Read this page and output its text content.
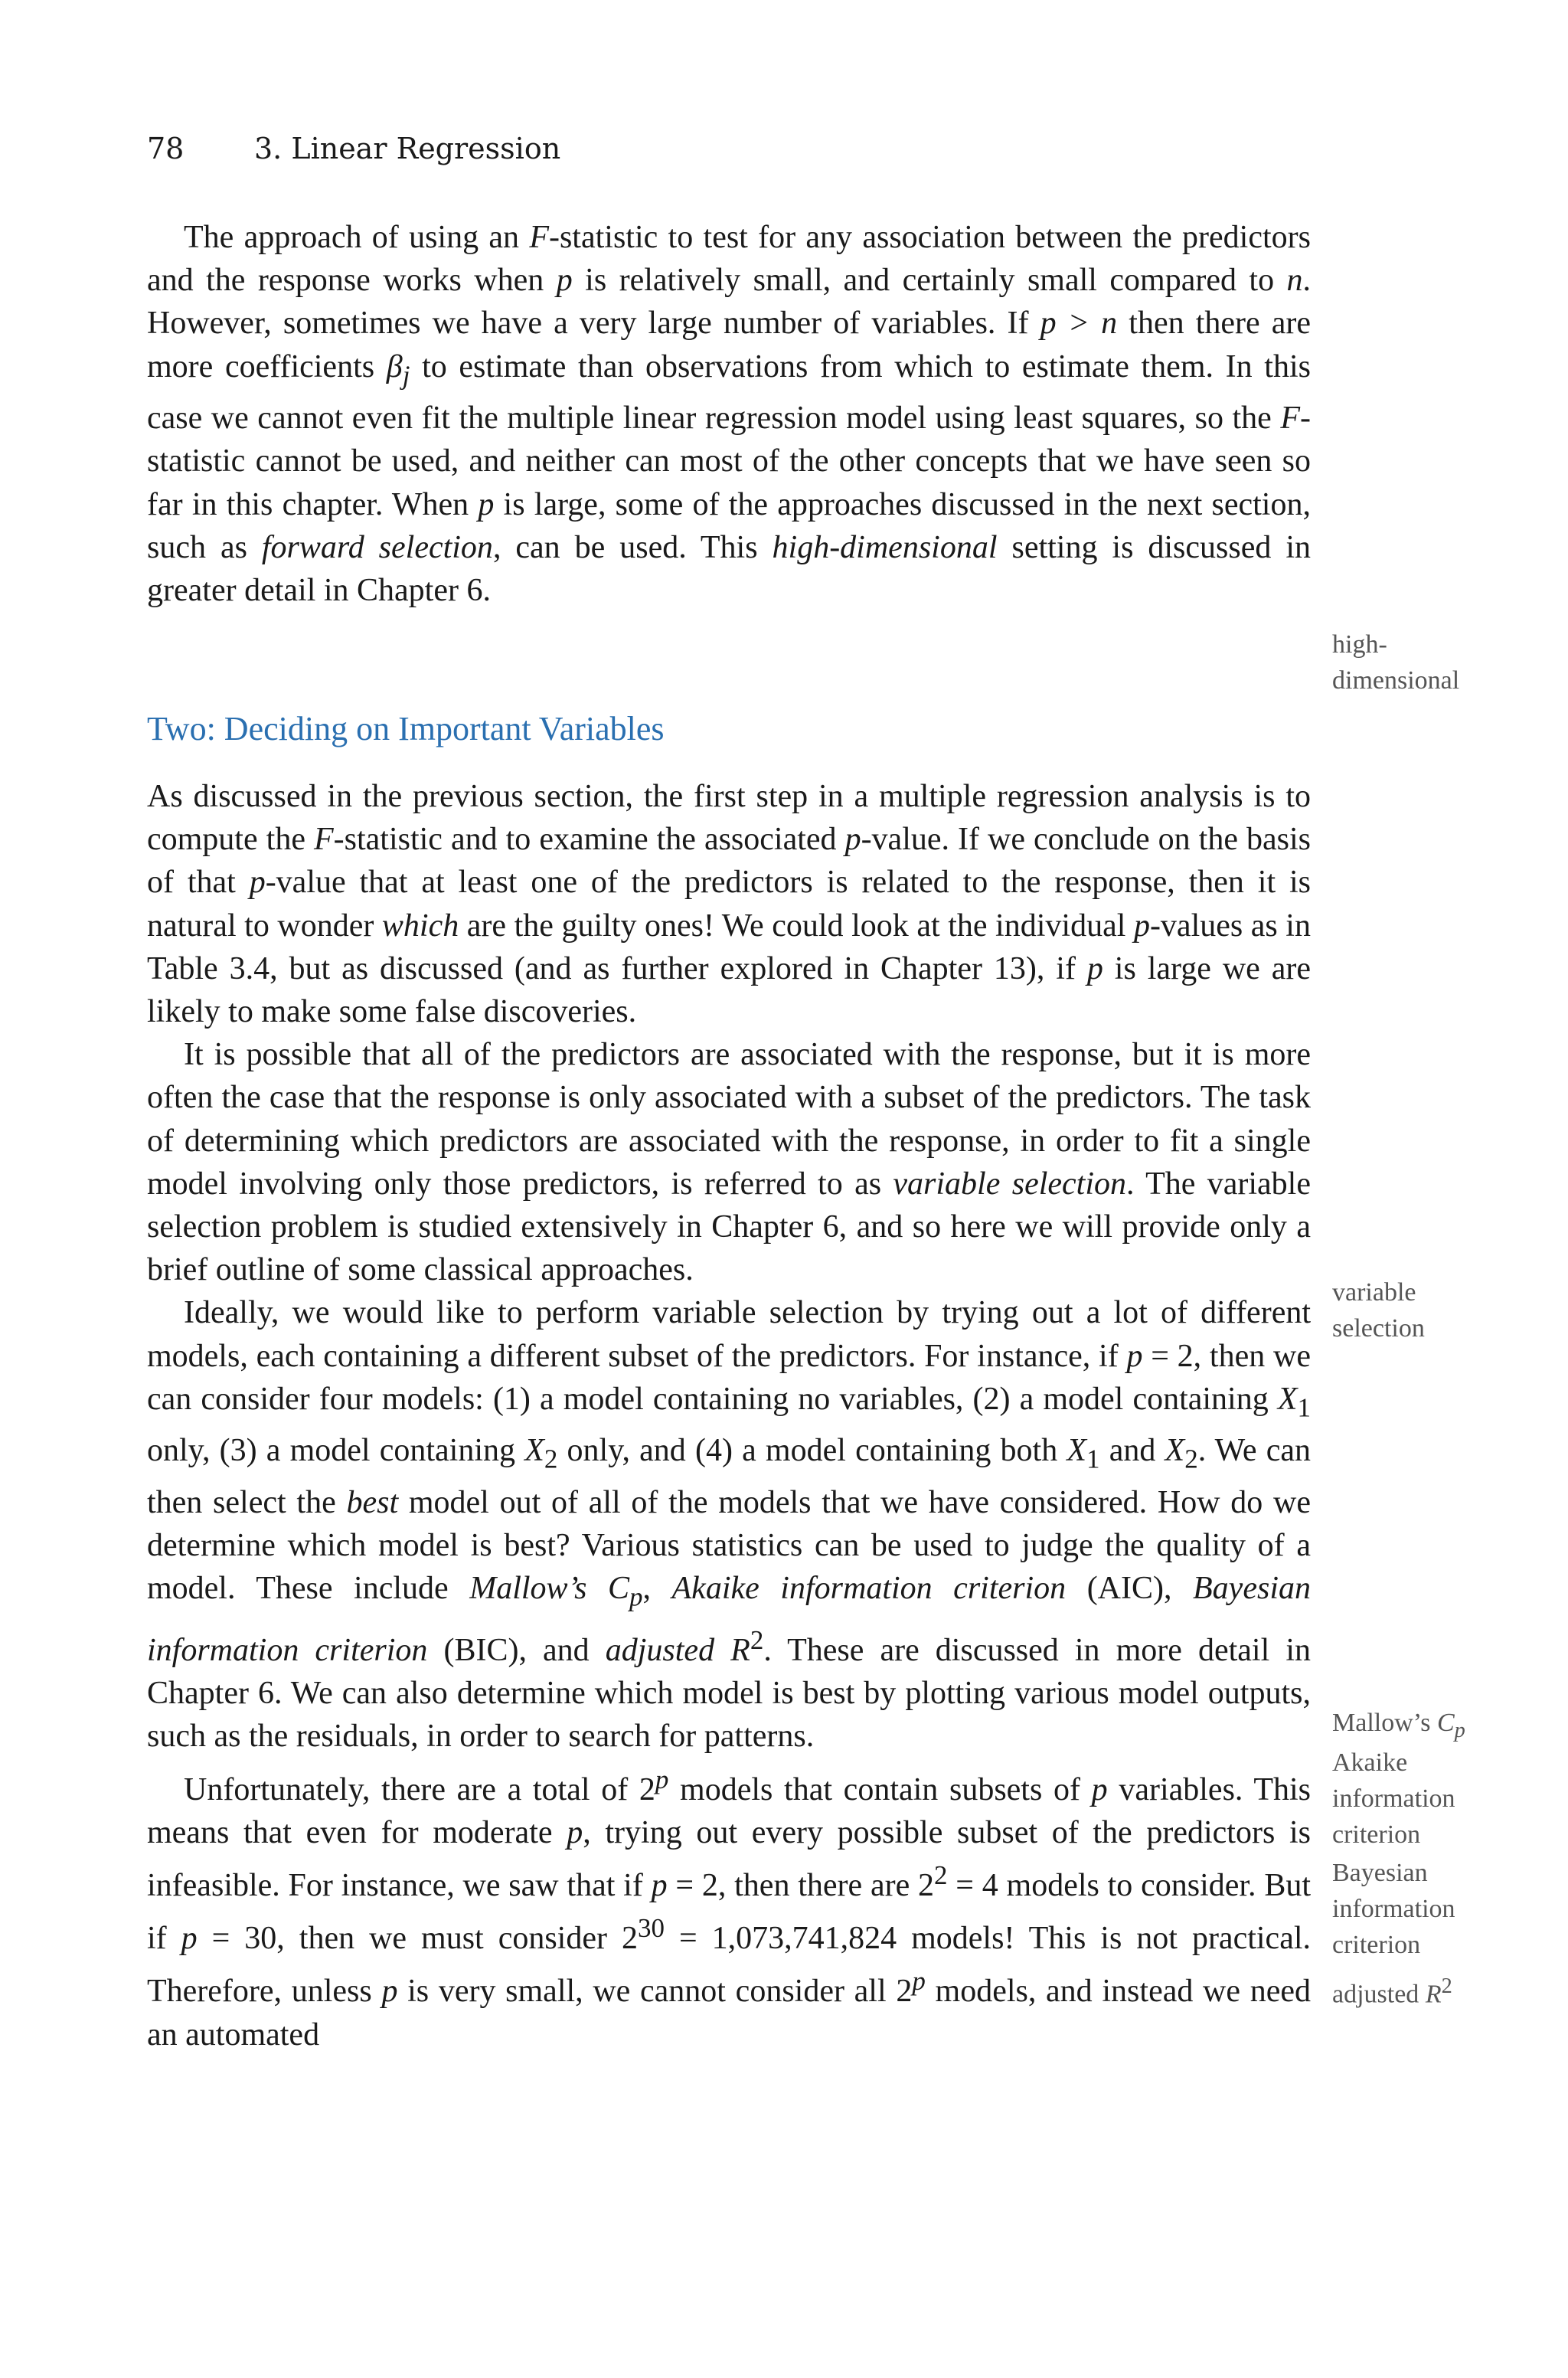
78 3. Linear Regression

The approach of using an F-statistic to test for any association between the predictors and the response works when p is relatively small, and certainly small compared to n. However, sometimes we have a very large number of variables. If p > n then there are more coefficients $\beta_j$ to estimate than observations from which to estimate them. In this case we cannot even fit the multiple linear regression model using least squares, so the F-statistic cannot be used, and neither can most of the other concepts that we have seen so far in this chapter. When p is large, some of the approaches discussed in the next section, such as forward selection, can be used. This high-dimensional setting is discussed in greater detail in Chapter 6.

Two: Deciding on Important Variables

As discussed in the previous section, the first step in a multiple regression analysis is to compute the F-statistic and to examine the associated p-value. If we conclude on the basis of that p-value that at least one of the predictors is related to the response, then it is natural to wonder which are the guilty ones! We could look at the individual p-values as in Table 3.4, but as discussed (and as further explored in Chapter 13), if p is large we are likely to make some false discoveries.

It is possible that all of the predictors are associated with the response, but it is more often the case that the response is only associated with a subset of the predictors. The task of determining which predictors are associated with the response, in order to fit a single model involving only those predictors, is referred to as variable selection. The variable selection problem is studied extensively in Chapter 6, and so here we will provide only a brief outline of some classical approaches.

Ideally, we would like to perform variable selection by trying out a lot of different models, each containing a different subset of the predictors. For instance, if p = 2, then we can consider four models: (1) a model containing no variables, (2) a model containing $X_1$ only, (3) a model containing $X_2$ only, and (4) a model containing both $X_1$ and $X_2$. We can then select the best model out of all of the models that we have considered. How do we determine which model is best? Various statistics can be used to judge the quality of a model. These include Mallow’s $C_p$, Akaike information criterion (AIC), Bayesian information criterion (BIC), and adjusted $R^2$. These are discussed in more detail in Chapter 6. We can also determine which model is best by plotting various model outputs, such as the residuals, in order to search for patterns.

Unfortunately, there are a total of 2$^p$ models that contain subsets of p variables. This means that even for moderate p, trying out every possible subset of the predictors is infeasible. For instance, we saw that if p = 2, then there are $2^2 = 4$ models to consider. But if p = 30, then we must consider $2^{30} = 1,073,741,824$ models! This is not practical. Therefore, unless p is very small, we cannot consider all 2$^p$ models, and instead we need an automated

high-
dimensional
variable
selection
Mallow’s $C_p$
Akaike
information
criterion
Bayesian
information
criterion
adjusted $R^2$
